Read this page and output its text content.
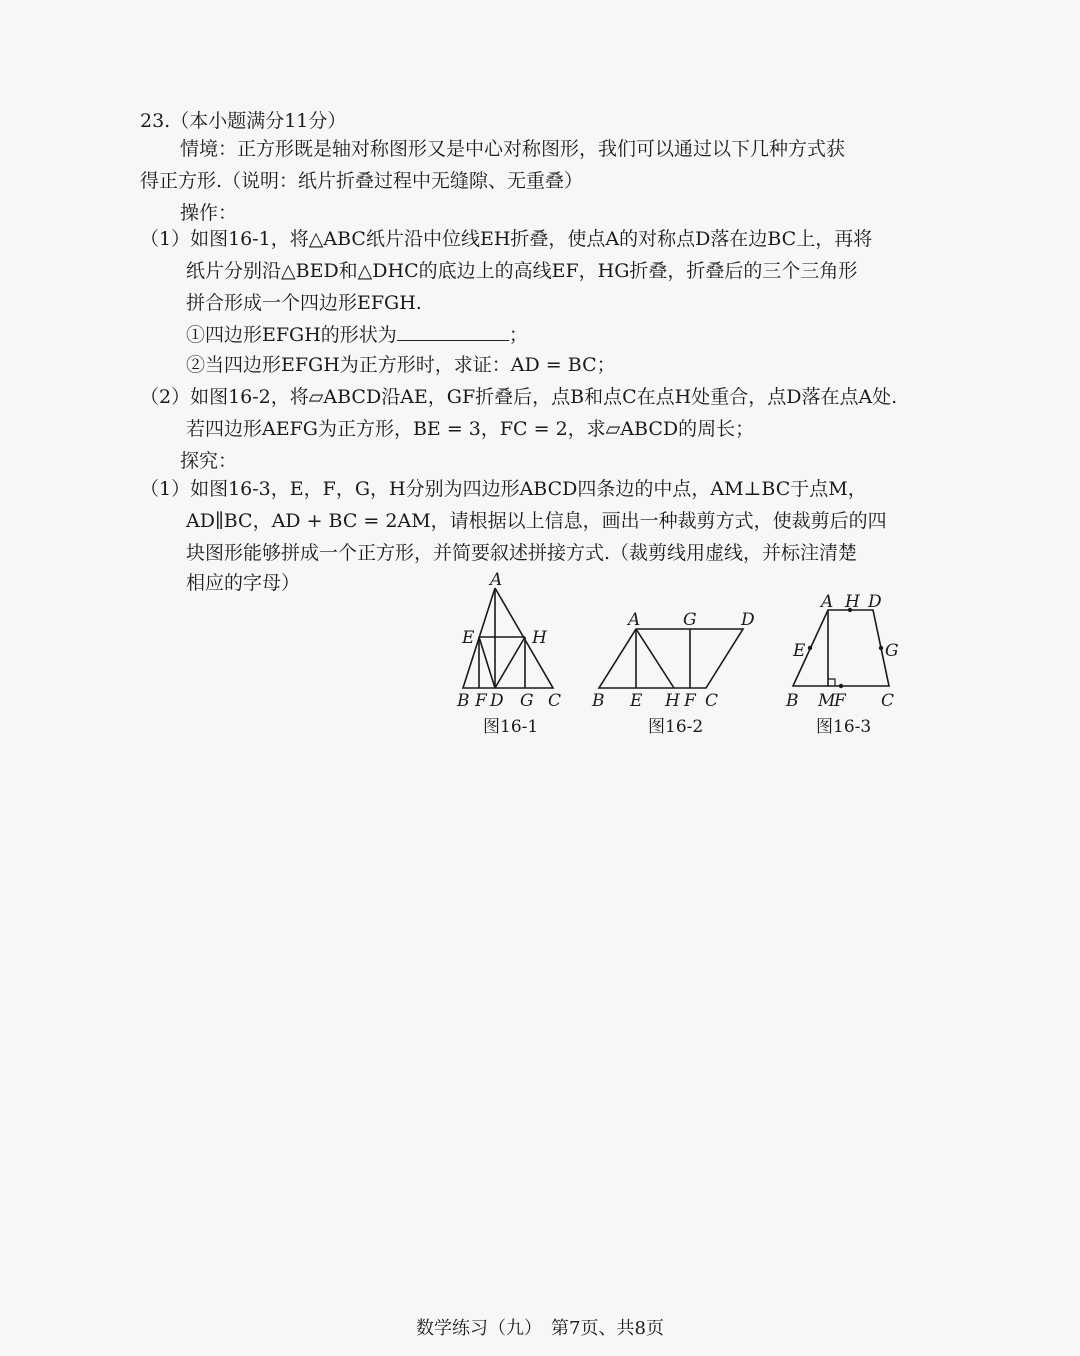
23.（本小题满分11分）
情境：正方形既是轴对称图形又是中心对称图形，我们可以通过以下几种方式获
得正方形.（说明：纸片折叠过程中无缝隙、无重叠）
操作：
（1）如图16-1，将△ABC纸片沿中位线EH折叠，使点A的对称点D落在边BC上，再将
纸片分别沿△BED和△DHC的底边上的高线EF，HG折叠，折叠后的三个三角形
拼合形成一个四边形EFGH.
①四边形EFGH的形状为	；
②当四边形EFGH为正方形时，求证：AD = BC；
（2）如图16-2，将▱ABCD沿AE，GF折叠后，点B和点C在点H处重合，点D落在点A处.
若四边形AEFG为正方形，BE = 3，FC = 2，求▱ABCD的周长；
探究：
（1）如图16-3，E，F，G，H分别为四边形ABCD四条边的中点，AM⊥BC于点M，
AD∥BC，AD + BC = 2AM，请根据以上信息，画出一种裁剪方式，使裁剪后的四
块图形能够拼成一个正方形，并简要叙述拼接方式.（裁剪线用虚线，并标注清楚
相应的字母）	A
E	H
B F D G C
图16-1
A	G	D
B E H F C
图16-2
A H D
E	G
B M
F C
图16-3
数学练习（九）　第7页、共8页
